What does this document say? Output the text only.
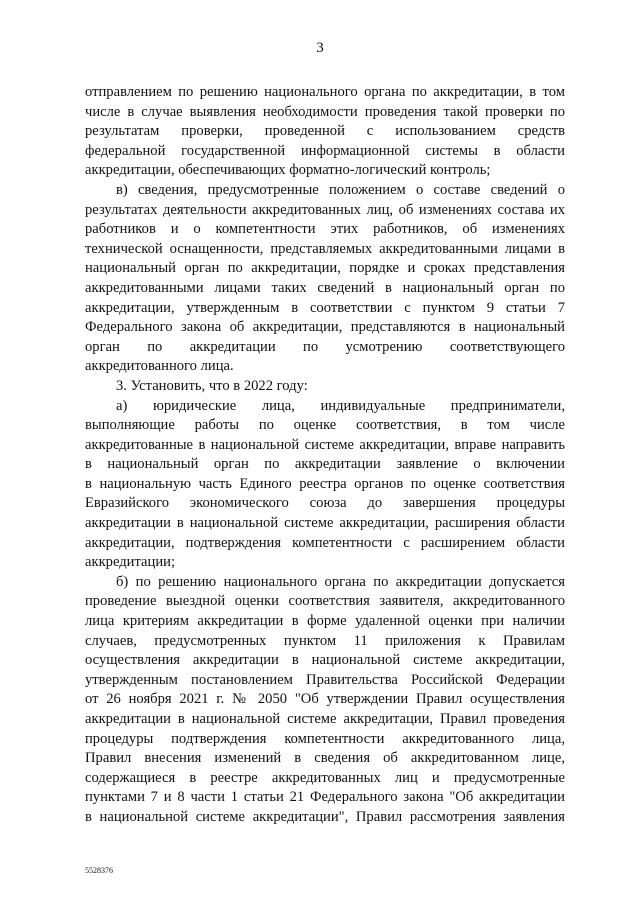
3
отправлением по решению национального органа по аккредитации, в том
числе в случае выявления необходимости проведения такой проверки по
результатам проверки, проведенной с использованием средств
федеральной государственной информационной системы в области
аккредитации, обеспечивающих форматно-логический контроль;
в) сведения, предусмотренные положением о составе сведений о
результатах деятельности аккредитованных лиц, об изменениях состава их
работников и о компетентности этих работников, об изменениях
технической оснащенности, представляемых аккредитованными лицами в
национальный орган по аккредитации, порядке и сроках представления
аккредитованными лицами таких сведений в национальный орган по
аккредитации, утвержденным в соответствии с пунктом 9 статьи 7
Федерального закона об аккредитации, представляются в национальный
орган по аккредитации по усмотрению соответствующего
аккредитованного лица.
3. Установить, что в 2022 году:
а) юридические лица, индивидуальные предприниматели,
выполняющие работы по оценке соответствия, в том числе
аккредитованные в национальной системе аккредитации, вправе направить
в национальный орган по аккредитации заявление о включении
в национальную часть Единого реестра органов по оценке соответствия
Евразийского экономического союза до завершения процедуры
аккредитации в национальной системе аккредитации, расширения области
аккредитации, подтверждения компетентности с расширением области
аккредитации;
б) по решению национального органа по аккредитации допускается
проведение выездной оценки соответствия заявителя, аккредитованного
лица критериям аккредитации в форме удаленной оценки при наличии
случаев, предусмотренных пунктом 11 приложения к Правилам
осуществления аккредитации в национальной системе аккредитации,
утвержденным постановлением Правительства Российской Федерации
от 26 ноября 2021 г. № 2050 "Об утверждении Правил осуществления
аккредитации в национальной системе аккредитации, Правил проведения
процедуры подтверждения компетентности аккредитованного лица,
Правил внесения изменений в сведения об аккредитованном лице,
содержащиеся в реестре аккредитованных лиц и предусмотренные
пунктами 7 и 8 части 1 статьи 21 Федерального закона "Об аккредитации
в национальной системе аккредитации", Правил рассмотрения заявления
5528376
